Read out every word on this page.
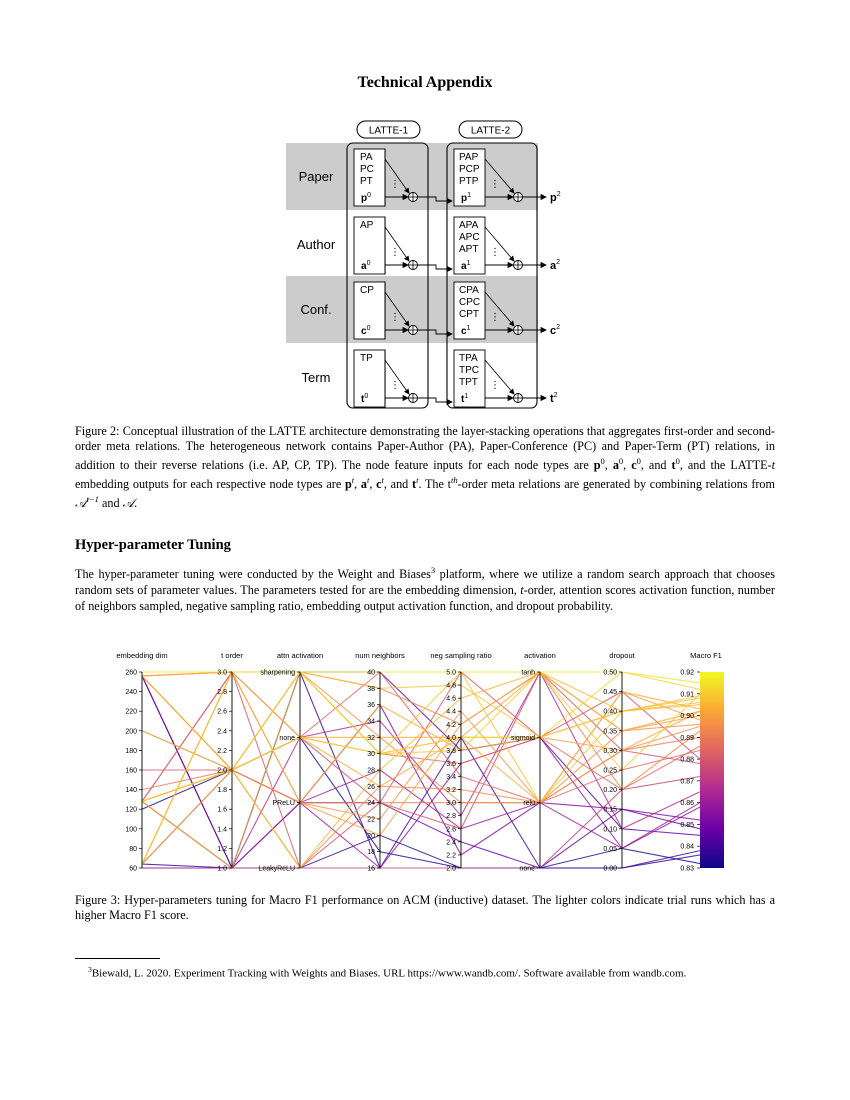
Technical Appendix
LATTE-1	LATTE-2
Paper
PA
PC
PT
PAP
PCP
PTP
$p^0$	$p^1$
⋮	⋮
$p^2$
Author
AP	APA
APC
APT
$a^0$	$a^1$
⋮	⋮
$a^2$
Conf.
CP	CPA
CPC
CPT
$c^0$	$c^1$
⋮	⋮
$c^2$
Term
TP	TPA
TPC
TPT
$t^0$	$t^1$
⋮	⋮
$t^2$
Figure 2: Conceptual illustration of the LATTE architecture demonstrating the layer-stacking operations that aggregates first-order and second-order meta relations. The heterogeneous network contains Paper-Author (PA), Paper-Conference (PC) and Paper-Term (PT) relations, in addition to their reverse relations (i.e. AP, CP, TP). The node feature inputs for each node types are $p^0$, $a^0$, $c^0$, and $t^0$, and the LATTE-t embedding outputs for each respective node types are $p^t$, $a^t$, $c^t$, and $t^t$. The $t^{th}$-order meta relations are generated by combining relations from 𝒜$^{t-1}$ and 𝒜.
Hyper-parameter Tuning
The hyper-parameter tuning were conducted by the Weight and Biases$^3$ platform, where we utilize a random search approach that chooses random sets of parameter values. The parameters tested for are the embedding dimension, t-order, attention scores activation function, number of neighbors sampled, negative sampling ratio, embedding output activation function, and dropout probability.
embedding dim
260
240
220
200
180
160
140
120
100
80
60
t order
3.0
2.8
2.6
2.4
2.2
2.0
1.8
1.6
1.4
1.2
1.0
attn activation
sharpening
none
PReLU
LeakyReLU
num neighbors
40
38
36
34
32
30
28
26
24
22
20
18
16
neg sampling ratio
5.0
4.8
4.6
4.4
4.2
4.0
3.8
3.6
3.4
3.2
3.0
2.8
2.6
2.4
2.2
2.0
activation
tanh
sigmoid
relu
none
dropout
0.50
0.45
0.40
0.35
0.30
0.25
0.20
0.15
0.10
0.05
0.00
Macro F1
0.92
0.91
0.90
0.89
0.88
0.87
0.86
0.85
0.84
0.83
Figure 3: Hyper-parameters tuning for Macro F1 performance on ACM (inductive) dataset. The lighter colors indicate trial runs which has a higher Macro F1 score.
$^3$Biewald, L. 2020. Experiment Tracking with Weights and Biases. URL https://www.wandb.com/. Software available from wandb.com.
